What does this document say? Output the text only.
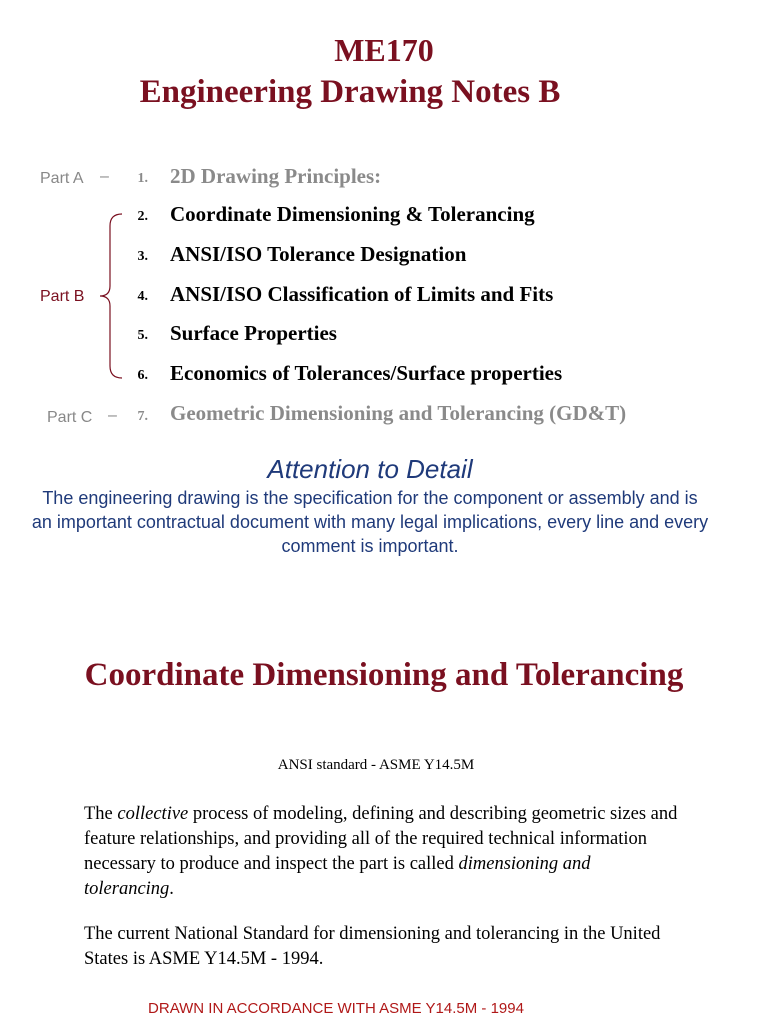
ME170
Engineering Drawing Notes B
Part A –
Part B
Part C –
1. 2D Drawing Principles:
2. Coordinate Dimensioning & Tolerancing
3. ANSI/ISO Tolerance Designation
4. ANSI/ISO Classification of Limits and Fits
5. Surface Properties
6. Economics of Tolerances/Surface properties
7. Geometric Dimensioning and Tolerancing (GD&T)
Attention to Detail
The engineering drawing is the specification for the component or assembly and is an important contractual document with many legal implications, every line and every comment is important.
Coordinate Dimensioning and Tolerancing
ANSI standard - ASME Y14.5M

The collective process of modeling, defining and describing geometric sizes and feature relationships, and providing all of the required technical information necessary to produce and inspect the part is called dimensioning and tolerancing.

The current National Standard for dimensioning and tolerancing in the United States is ASME Y14.5M - 1994.

DRAWN IN ACCORDANCE WITH ASME Y14.5M - 1994
